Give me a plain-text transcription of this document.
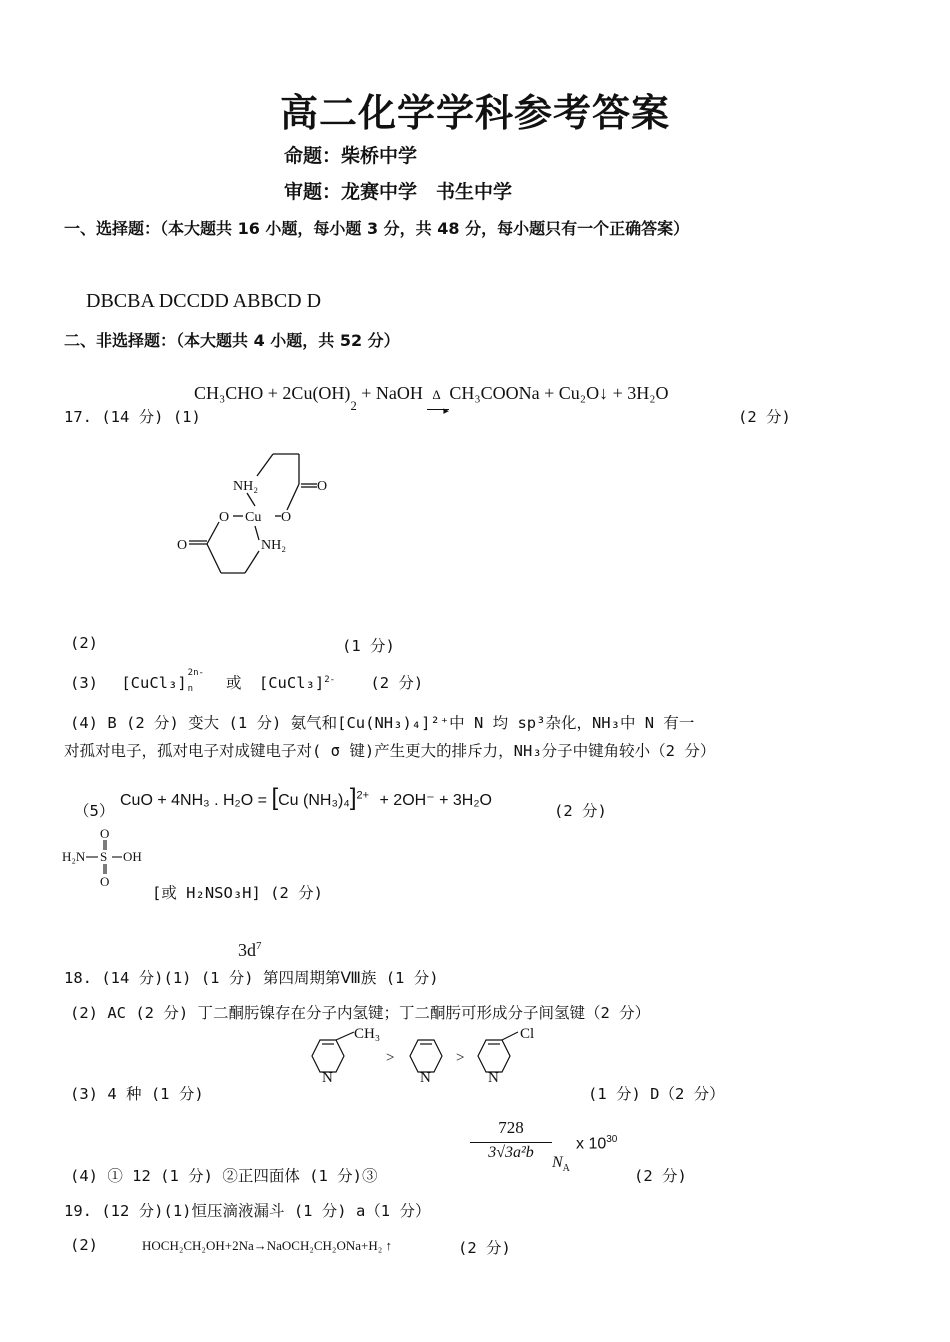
高二化学学科参考答案
命题：柴桥中学
审题：龙赛中学　书生中学
一、选择题：（本大题共 16 小题，每小题 3 分，共 48 分，每小题只有一个正确答案）
DBCBA DCCDD ABBCD D
二、非选择题：（本大题共 4 小题，共 52 分）
17. (14 分) (1)
$CH_3CHO + 2Cu(OH)_2$ + NaOH Δ
▸
CH₃COONa + Cu₂O↓ + 3H₂O
(2 分)
NH₂	O
O Cu O
O	NH₂
(2)	(1 分)
(3) [CuCl₃]
2n-
n 或 [CuCl₃]$^{2-}$ (2 分)
(4) B (2 分) 变大 (1 分) 氨气和[Cu(NH₃)₄]²⁺中 N 均 sp³杂化，NH₃中 N 有一
对孤对电子，孤对电子对成键电子对( σ 键)产生更大的排斥力，NH₃分子中键角较小（2 分）
（5）
CuO + 4NH₃ . H₂O = [Cu (NH₃)₄]$^{2+}$ + 2OH⁻ + 3H₂O
(2 分)
O
H₂N S OH
O
[或 H₂NSO₃H] (2 分)
$3d^7$
18. (14 分)(1) (1 分) 第四周期第Ⅷ族 (1 分)
(2) AC (2 分) 丁二酮肟镍存在分子内氢键；丁二酮肟可形成分子间氢键（2 分）
CH₃
N
>
N
>
Cl
N
(3) 4 种 (1 分)	(1 分) D（2 分）
728
3√3a²b
$N_A$
x $10^{30}$
(4) ① 12 (1 分) ②正四面体 (1 分)③	(2 分)
19. (12 分)(1)恒压滴液漏斗 (1 分) a（1 分）
(2)	HOCH₂CH₂OH+2Na→NaOCH₂CH₂ONa+H₂ ↑	(2 分)
